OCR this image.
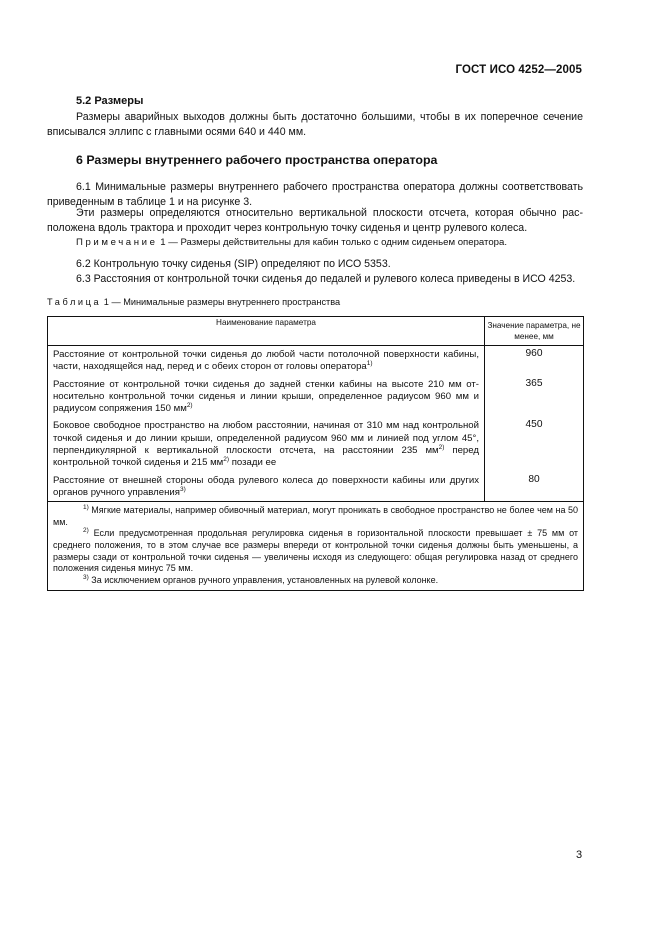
ГОСТ ИСО 4252—2005
5.2 Размеры
Размеры аварийных выходов должны быть достаточно большими, чтобы в их поперечное сечение вписывался эллипс с главными осями 640 и 440 мм.
6 Размеры внутреннего рабочего пространства оператора
6.1 Минимальные размеры внутреннего рабочего пространства оператора должны соответствовать приведенным в таблице 1 и на рисунке 3.
Эти размеры определяются относительно вертикальной плоскости отсчета, которая обычно расположена вдоль трактора и проходит через контрольную точку сиденья и центр рулевого колеса.
Примечание 1 — Размеры действительны для кабин только с одним сиденьем оператора.
6.2 Контрольную точку сиденья (SIP) определяют по ИСО 5353.
6.3 Расстояния от контрольной точки сиденья до педалей и рулевого колеса приведены в ИСО 4253.
Таблица 1 — Минимальные размеры внутреннего пространства
Наименование параметра	Значение параметра, не менее, мм
Расстояние от контрольной точки сиденья до любой части потолочной поверхности кабины, части, находящейся над, перед и с обеих сторон от головы оператора$^{1)}$	960
Расстояние от контрольной точки сиденья до задней стенки кабины на высоте 210 мм относительно контрольной точки сиденья и линии крыши, определенное радиусом 960 мм и радиусом сопряжения 150 $мм^{2)}$	365
Боковое свободное пространство на любом расстоянии, начиная от 310 мм над контрольной точкой сиденья и до линии крыши, определенной радиусом 960 мм и линией под углом 45°, перпендикулярной к вертикальной плоскости отсчета, на расстоянии 235 $мм^{2)}$ перед контрольной точкой сиденья и 215 $мм^{2)}$ позади ее	450
Расстояние от внешней стороны обода рулевого колеса до поверхности кабины или других органов ручного управления$^{3)}$	80

$^{1)}$ Мягкие материалы, например обивочный материал, могут проникать в свободное пространство не более чем на 50 мм.
$^{2)}$ Если предусмотренная продольная регулировка сиденья в горизонтальной плоскости превышает ± 75 мм от среднего положения, то в этом случае все размеры впереди от контрольной точки сиденья должны быть уменьшены, а размеры сзади от контрольной точки сиденья — увеличены исходя из следующего: общая регулировка назад от среднего положения сиденья минус 75 мм.
$^{3)}$ За исключением органов ручного управления, установленных на рулевой колонке.	
3
